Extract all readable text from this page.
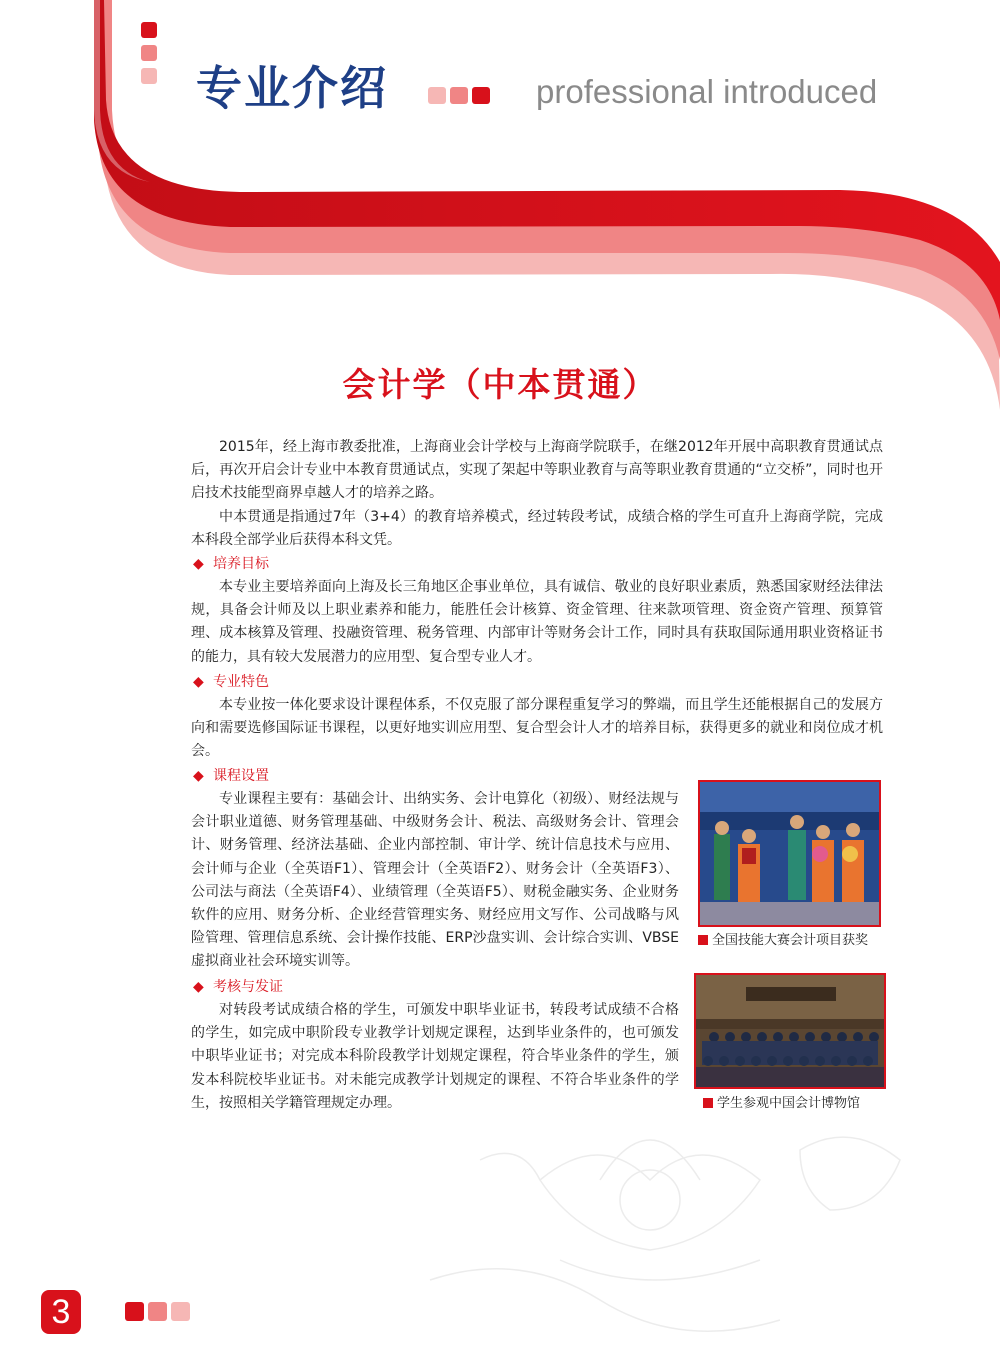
专业介绍	professional introduced
会计学（中本贯通）

2015年，经上海市教委批准，上海商业会计学校与上海商学院联手，在继2012年开展中高职教育贯通试点后，再次开启会计专业中本教育贯通试点，实现了架起中等职业教育与高等职业教育贯通的“立交桥”，同时也开启技术技能型商界卓越人才的培养之路。

中本贯通是指通过7年（3+4）的教育培养模式，经过转段考试，成绩合格的学生可直升上海商学院，完成本科段全部学业后获得本科文凭。

◆ 培养目标

本专业主要培养面向上海及长三角地区企事业单位，具有诚信、敬业的良好职业素质，熟悉国家财经法律法规，具备会计师及以上职业素养和能力，能胜任会计核算、资金管理、往来款项管理、资金资产管理、预算管理、成本核算及管理、投融资管理、税务管理、内部审计等财务会计工作，同时具有获取国际通用职业资格证书的能力，具有较大发展潜力的应用型、复合型专业人才。

◆ 专业特色

本专业按一体化要求设计课程体系，不仅克服了部分课程重复学习的弊端，而且学生还能根据自己的发展方向和需要选修国际证书课程，以更好地实训应用型、复合型会计人才的培养目标，获得更多的就业和岗位成才机会。

◆ 课程设置

专业课程主要有：基础会计、出纳实务、会计电算化（初级）、财经法规与会计职业道德、财务管理基础、中级财务会计、税法、高级财务会计、管理会计、财务管理、经济法基础、企业内部控制、审计学、统计信息技术与应用、会计师与企业（全英语F1）、管理会计（全英语F2）、财务会计（全英语F3）、公司法与商法（全英语F4）、业绩管理（全英语F5）、财税金融实务、企业财务软件的应用、财务分析、企业经营管理实务、财经应用文写作、公司战略与风险管理、管理信息系统、会计操作技能、ERP沙盘实训、会计综合实训、VBSE虚拟商业社会环境实训等。

◆ 考核与发证

对转段考试成绩合格的学生，可颁发中职毕业证书，转段考试成绩不合格的学生，如完成中职阶段专业教学计划规定课程，达到毕业条件的，也可颁发中职毕业证书；对完成本科阶段教学计划规定课程，符合毕业条件的学生，颁发本科院校毕业证书。对未能完成教学计划规定的课程、不符合毕业条件的学生，按照相关学籍管理规定办理。

全国技能大赛会计项目获奖
学生参观中国会计博物馆
3
